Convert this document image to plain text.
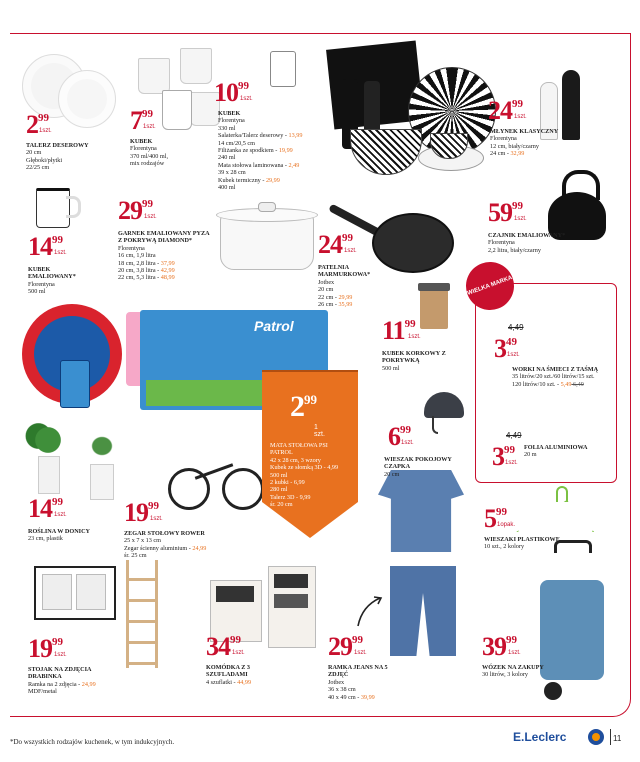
Patrol
WIELKA MARKA
299
1 szt.
MATA STOŁOWA PSI PATROL
42 x 28 cm, 3 wzory
Kubek ze słomką 3D - 4,99
500 ml
2 kubki - 6,99
280 ml
Talerz 3D - 9,99
śr. 20 cm
299
1szt.
TALERZ DESEROWY
20 cm
Głęboki/płytki
22/25 cm
799
1szt.
KUBEK
Florentyna
370 ml/400 ml,
mix rodzajów
1099
1szt.
KUBEK
Florentyna
330 ml
Salaterka/Talerz deserowy - 13,99
14 cm/20,5 cm
Filiżanka ze spodkiem - 19,99
240 ml
Mata stołowa laminowana - 2,49
39 x 28 cm
Kubek termiczny - 29,99
400 ml
2499
1szt.
MŁYNEK KLASYCZNY
Florentyna
12 cm, biały/czarny
24 cm - 32,99
1499
1szt.
KUBEK EMALIOWANY*
Florentyna
500 ml
2999
1szt.
GARNEK EMALIOWANY PYZA Z POKRYWĄ DIAMOND*
Florentyna
16 cm, 1,9 litra
18 cm, 2,8 litra - 37,99
20 cm, 3,8 litra - 42,99
22 cm, 5,3 litra - 48,99
2499
1szt.
PATELNIA MARMURKOWA*
Jotbex
20 cm
22 cm - 29,99
26 cm - 35,99
5999
1szt.
CZAJNIK EMALIOWANY*
Florentyna
2,2 litra, biały/czarny
1199
1szt.
KUBEK KORKOWY Z POKRYWKĄ
500 ml
4,49
349
1szt.
WORKI NA ŚMIECI Z TAŚMĄ
35 litrów/20 szt./60 litrów/15 szt.
120 litrów/10 szt. - 5,49 6,49
4,49
399
1szt.
FOLIA ALUMINIOWA
20 m
699
1szt.
WIESZAK POKOJOWY CZAPKA
20 cm
1499
1szt.
ROŚLINA W DONICY
23 cm, plastik
1999
1szt.
ZEGAR STOŁOWY ROWER
25 x 7 x 13 cm
Zegar ścienny aluminium - 24,99
śr. 25 cm
599
1opak.
WIESZAKI PLASTIKOWE
10 szt., 2 kolory
1999
1szt.
STOJAK NA ZDJĘCIA DRABINKA
Ramka na 2 zdjęcia - 24,99
MDF/metal
3499
1szt.
KOMÓDKA Z 3 SZUFLADAMI
4 szuflatki - 44,99
2999
1szt.
RAMKA JEANS NA 5 ZDJĘĆ
Jotbex
36 x 38 cm
40 x 49 cm - 39,99
3999
1szt.
WÓZEK NA ZAKUPY
30 litrów, 3 kolory
*Do wszystkich rodzajów kuchenek, w tym indukcyjnych.	E.Leclerc	11
